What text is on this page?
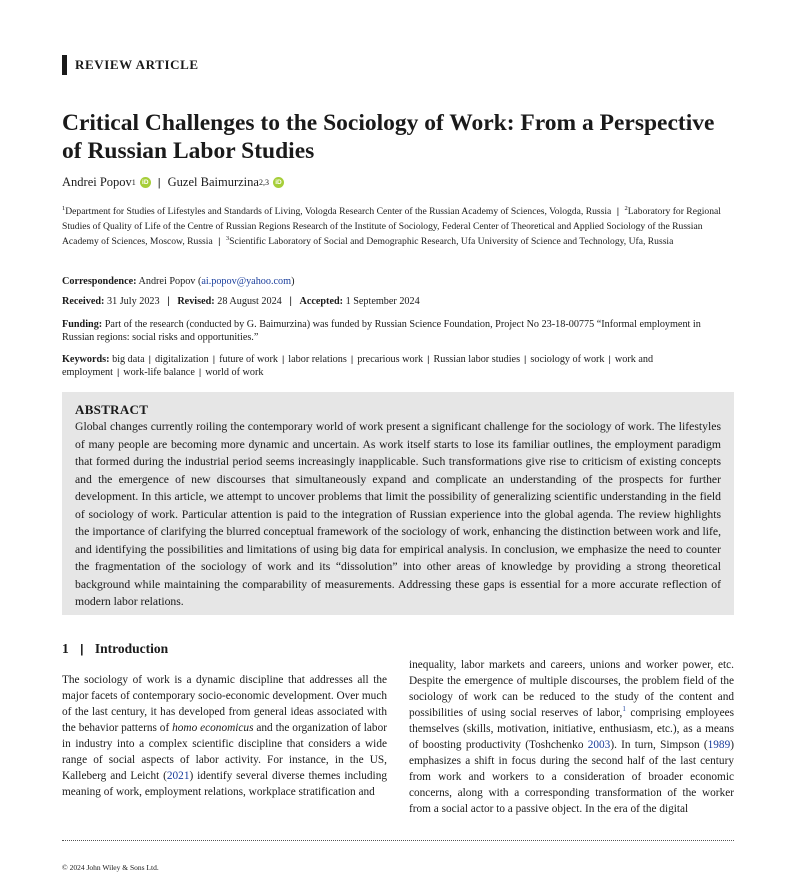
REVIEW ARTICLE
Critical Challenges to the Sociology of Work: From a Perspective of Russian Labor Studies
Andrei Popov 1 iD | Guzel Baimurzina 2,3 iD
$^1$Department for Studies of Lifestyles and Standards of Living, Vologda Research Center of the Russian Academy of Sciences, Vologda, Russia | $^2$Laboratory for Regional Studies of Quality of Life of the Centre of Russian Regions Research of the Institute of Sociology, Federal Center of Theoretical and Applied Sociology of the Russian Academy of Sciences, Moscow, Russia | $^3$Scientific Laboratory of Social and Demographic Research, Ufa University of Science and Technology, Ufa, Russia
Correspondence: Andrei Popov (ai.popov@yahoo.com)
Received: 31 July 2023 | Revised: 28 August 2024 | Accepted: 1 September 2024
Funding: Part of the research (conducted by G. Baimurzina) was funded by Russian Science Foundation, Project No 23-18-00775 “Informal employment in Russian regions: social risks and opportunities.”
Keywords: big data | digitalization | future of work | labor relations | precarious work | Russian labor studies | sociology of work | work and employment | work-life balance | world of work
ABSTRACT

Global changes currently roiling the contemporary world of work present a significant challenge for the sociology of work. The lifestyles of many people are becoming more dynamic and uncertain. As work itself starts to lose its familiar outlines, the employment paradigm that formed during the industrial period seems increasingly inapplicable. Such transformations give rise to criticism of existing concepts and the emergence of new discourses that simultaneously expand and complicate an understanding of the prospects for further development. In this article, we attempt to uncover problems that limit the possibility of generalizing scientific understanding in the field of sociology of work. Particular attention is paid to the integration of Russian experience into the global agenda. The review highlights the importance of clarifying the blurred conceptual framework of the sociology of work, enhancing the distinction between work and life, and identifying the possibilities and limitations of using big data for empirical analysis. In conclusion, we emphasize the need to counter the fragmentation of the sociology of work and its “dissolution” into other areas of knowledge by providing a strong theoretical background while maintaining the comparability of measurements. Addressing these gaps is essential for a more accurate reflection of modern labor relations.

1 | Introduction

The sociology of work is a dynamic discipline that addresses all the major facets of contemporary socio-economic development. Over much of the last century, it has developed from general ideas associated with the behavior patterns of homo economicus and the organization of labor in industry into a complex scientific discipline that considers a wide range of social aspects of labor activity. For instance, in the US, Kalleberg and Leicht (2021) identify several diverse themes including meaning of work, employment relations, workplace stratification and

inequality, labor markets and careers, unions and worker power, etc. Despite the emergence of multiple discourses, the problem field of the sociology of work can be reduced to the study of the content and possibilities of using social reserves of labor,$^1$ comprising employees themselves (skills, motivation, initiative, enthusiasm, etc.), as a means of boosting productivity (Toshchenko 2003). In turn, Simpson (1989) emphasizes a shift in focus during the second half of the last century from work and workers to a consideration of broader economic concerns, along with a corresponding transformation of the worker from a social actor to a passive object. In the era of the digital

© 2024 John Wiley & Sons Ltd.
